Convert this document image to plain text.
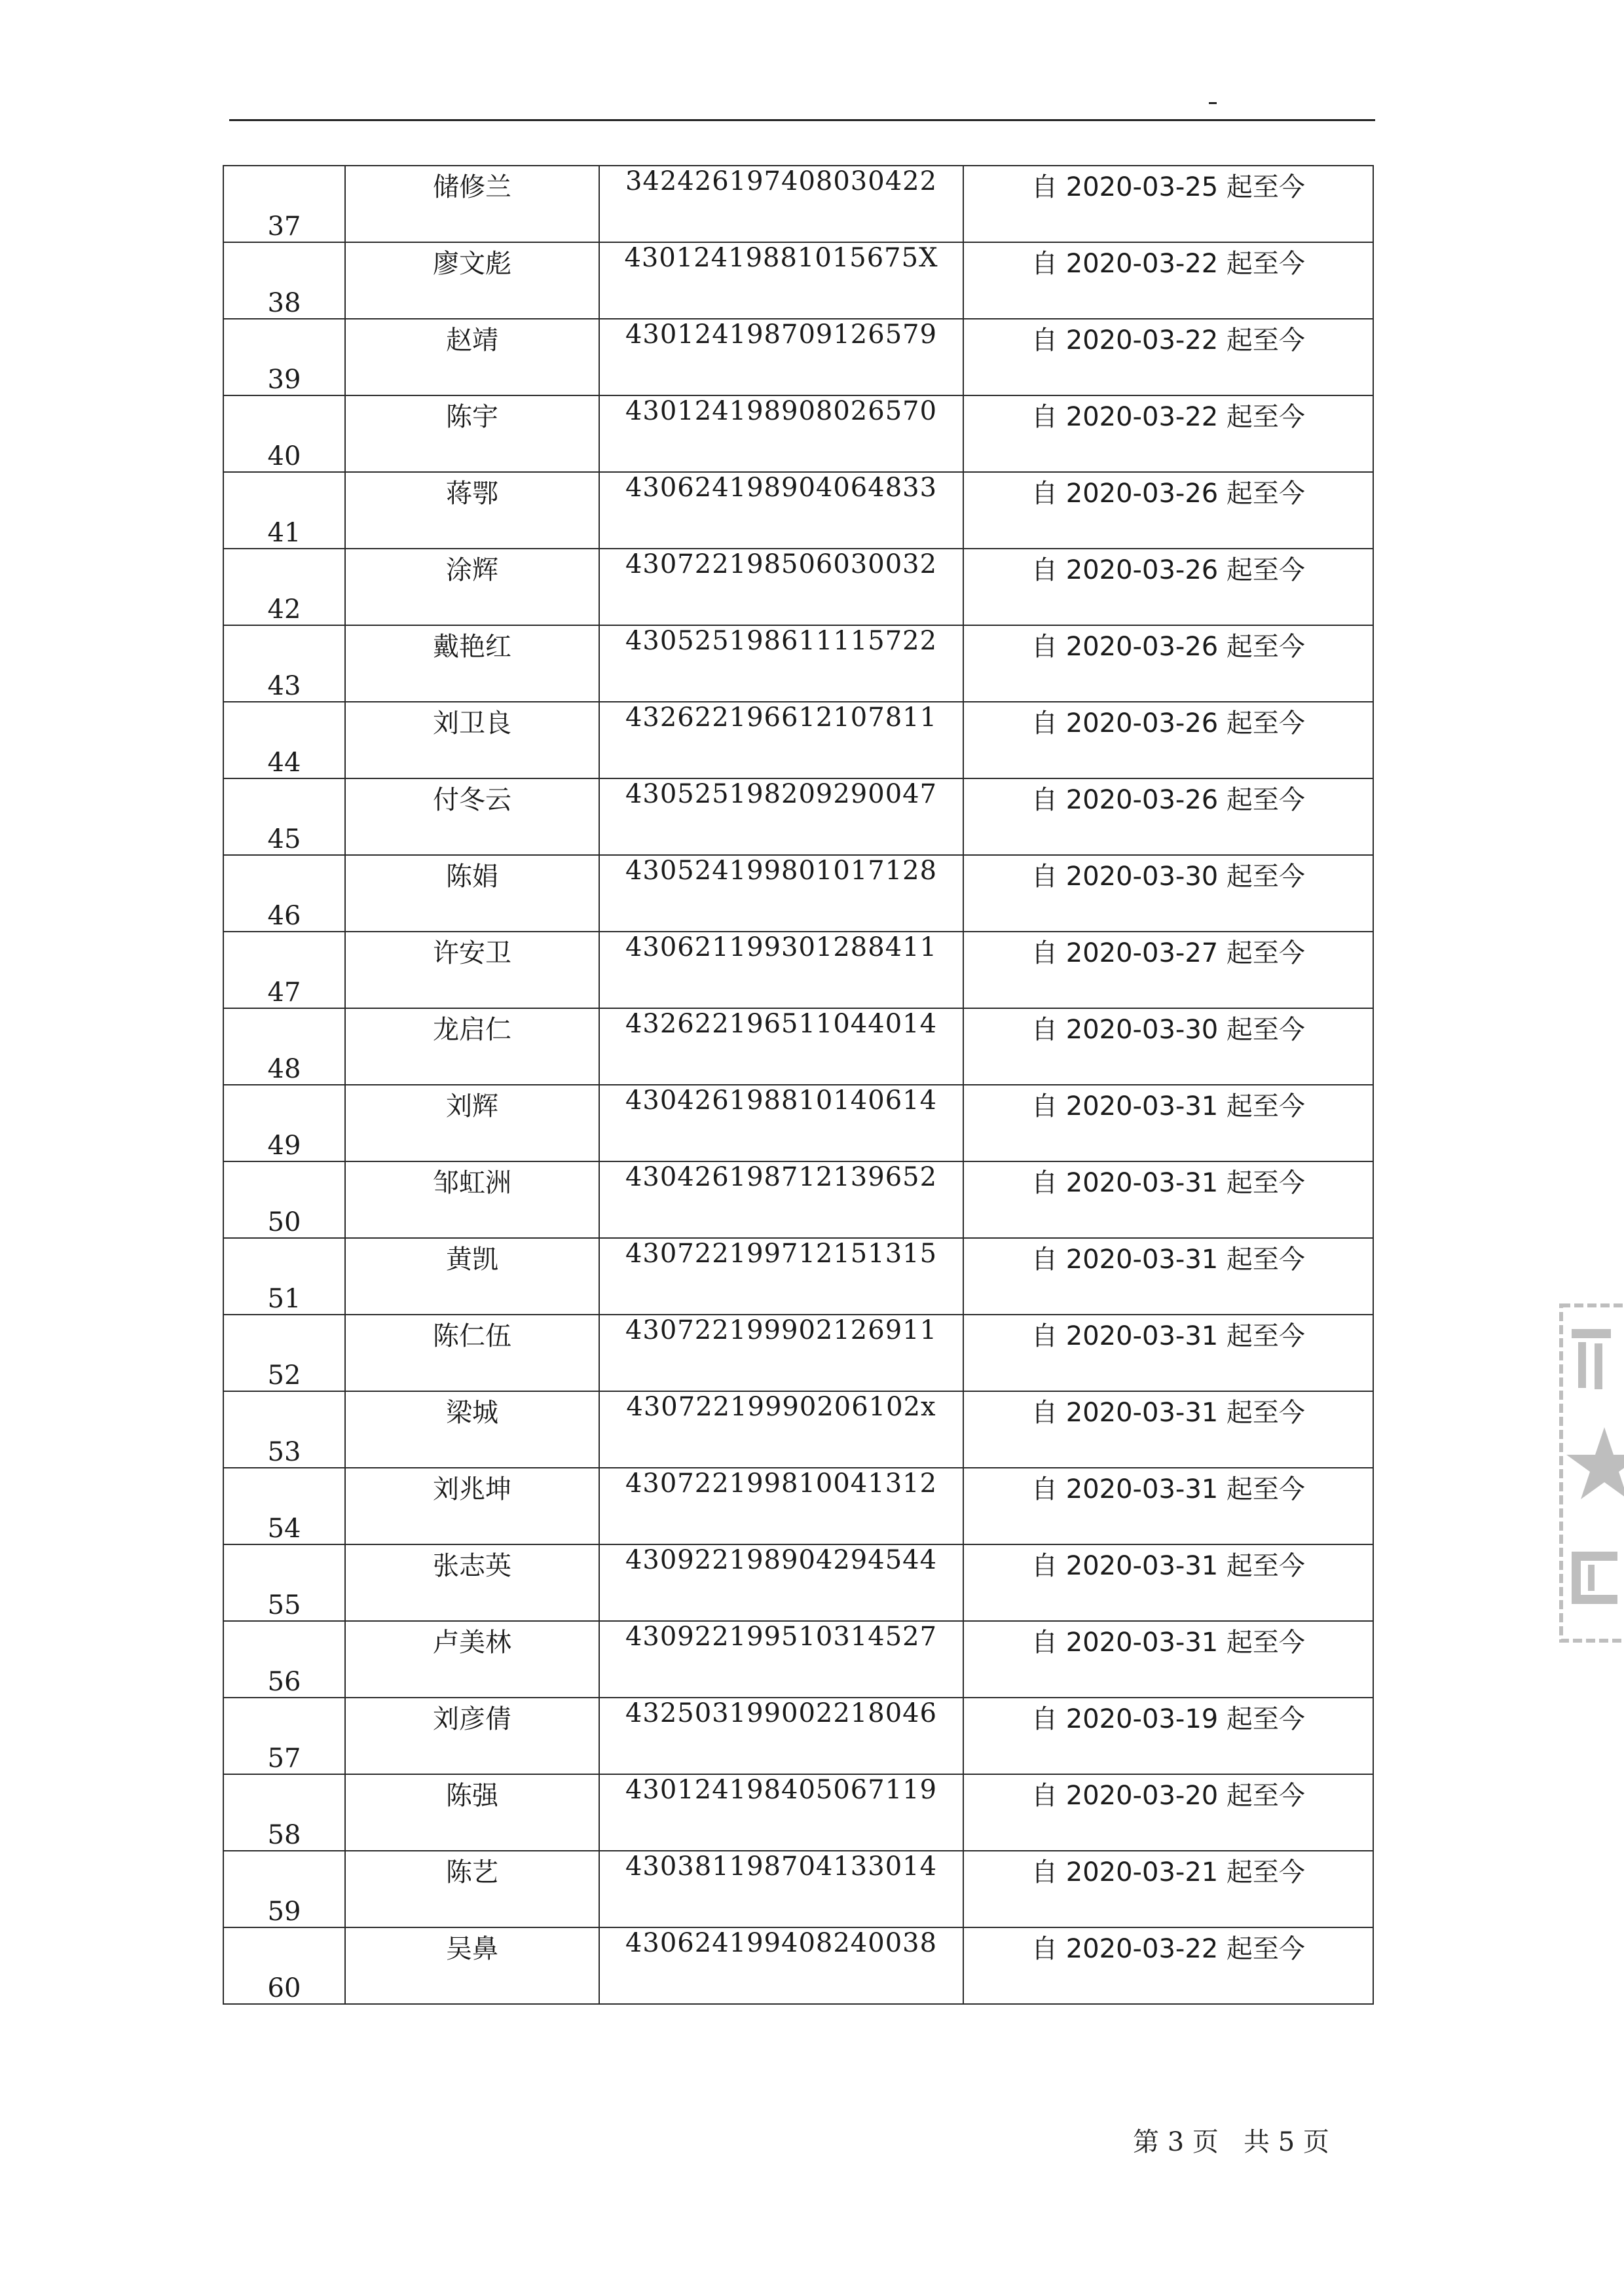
37	储修兰	342426197408030422	自 2020-03-25 起至今
38	廖文彪	43012419881015675X	自 2020-03-22 起至今
39	赵靖	430124198709126579	自 2020-03-22 起至今
40	陈宇	430124198908026570	自 2020-03-22 起至今
41	蒋鄂	430624198904064833	自 2020-03-26 起至今
42	涂辉	430722198506030032	自 2020-03-26 起至今
43	戴艳红	430525198611115722	自 2020-03-26 起至今
44	刘卫良	432622196612107811	自 2020-03-26 起至今
45	付冬云	430525198209290047	自 2020-03-26 起至今
46	陈娟	430524199801017128	自 2020-03-30 起至今
47	许安卫	430621199301288411	自 2020-03-27 起至今
48	龙启仁	432622196511044014	自 2020-03-30 起至今
49	刘辉	430426198810140614	自 2020-03-31 起至今
50	邹虹洲	430426198712139652	自 2020-03-31 起至今
51	黄凯	430722199712151315	自 2020-03-31 起至今
52	陈仁伍	430722199902126911	自 2020-03-31 起至今
53	梁城	43072219990206102x	自 2020-03-31 起至今
54	刘兆坤	430722199810041312	自 2020-03-31 起至今
55	张志英	430922198904294544	自 2020-03-31 起至今
56	卢美林	430922199510314527	自 2020-03-31 起至今
57	刘彦倩	432503199002218046	自 2020-03-19 起至今
58	陈强	430124198405067119	自 2020-03-20 起至今
59	陈艺	430381198704133014	自 2020-03-21 起至今
60	吴鼻	430624199408240038	自 2020-03-22 起至今
第 3 页   共 5 页
